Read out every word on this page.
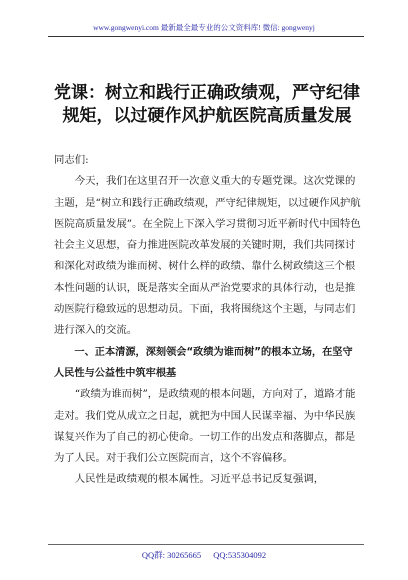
www.gongwenyi.com 最新最全最专业的公文资料库! 微信: gongwenyj
党课：树立和践行正确政绩观，严守纪律规矩，以过硬作风护航医院高质量发展

同志们:

今天，我们在这里召开一次意义重大的专题党课。这次党课的主题，是“树立和践行正确政绩观，严守纪律规矩，以过硬作风护航医院高质量发展”。在全院上下深入学习贯彻习近平新时代中国特色社会主义思想，奋力推进医院改革发展的关键时期，我们共同探讨和深化对政绩为谁而树、树什么样的政绩、靠什么树政绩这三个根本性问题的认识，既是落实全面从严治党要求的具体行动，也是推动医院行稳致远的思想动员。下面，我将围绕这个主题，与同志们进行深入的交流。

一、正本清源，深刻领会“政绩为谁而树”的根本立场，在坚守人民性与公益性中筑牢根基

“政绩为谁而树”，是政绩观的根本问题，方向对了，道路才能走对。我们党从成立之日起，就把为中国人民谋幸福、为中华民族谋复兴作为了自己的初心使命。一切工作的出发点和落脚点，都是为了人民。对于我们公立医院而言，这个不容偏移。

人民性是政绩观的根本属性。习近平总书记反复强调，

QQ群: 30265665 QQ:535304092
